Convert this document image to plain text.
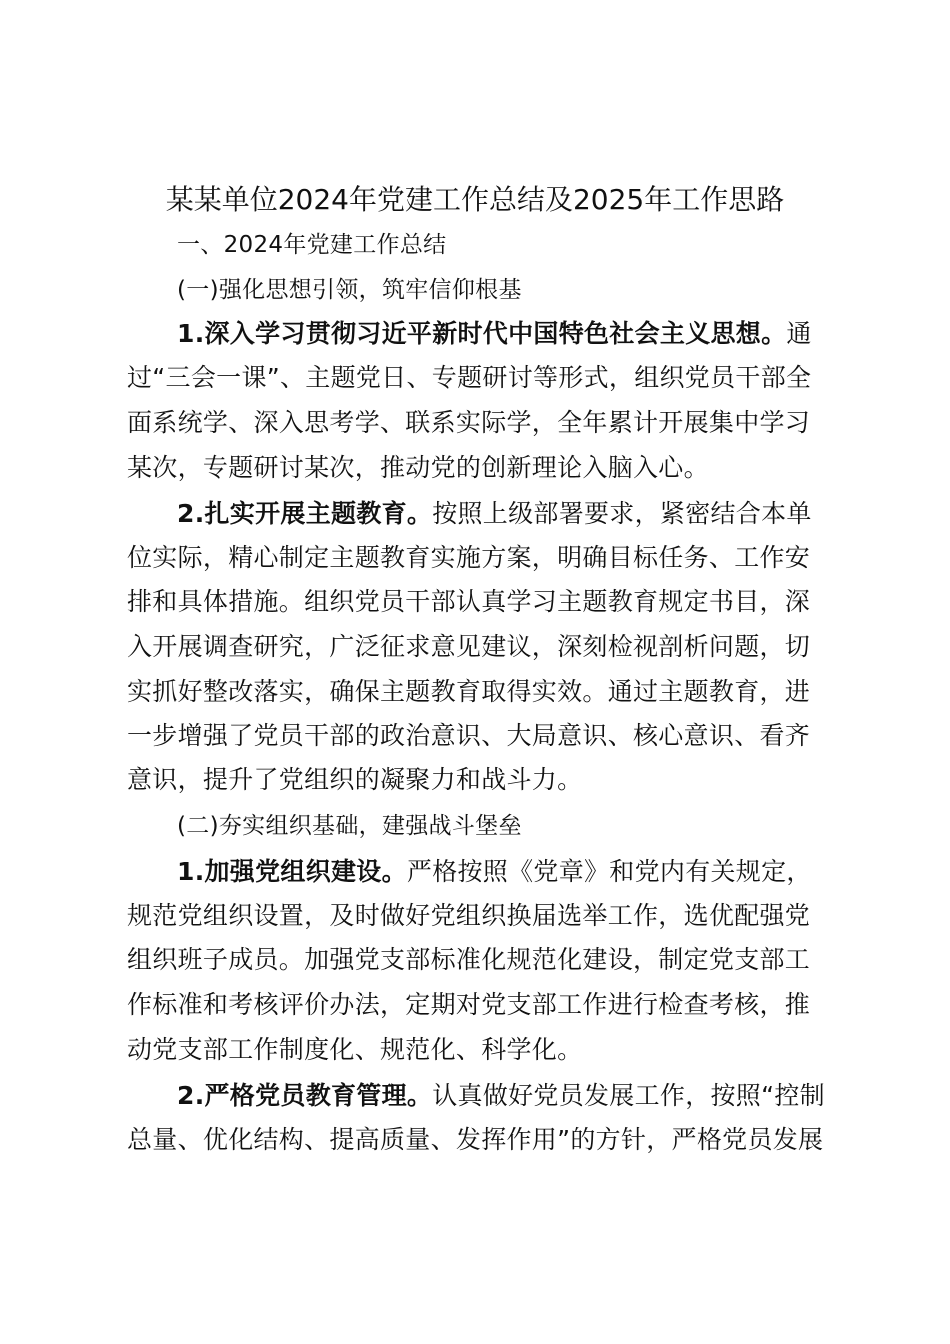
某某单位2024年党建工作总结及2025年工作思路
一、2024年党建工作总结
(一)强化思想引领，筑牢信仰根基
1.深入学习贯彻习近平新时代中国特色社会主义思想。通
过“三会一课”、主题党日、专题研讨等形式，组织党员干部全
面系统学、深入思考学、联系实际学，全年累计开展集中学习
某次，专题研讨某次，推动党的创新理论入脑入心。
2.扎实开展主题教育。按照上级部署要求，紧密结合本单
位实际，精心制定主题教育实施方案，明确目标任务、工作安
排和具体措施。组织党员干部认真学习主题教育规定书目，深
入开展调查研究，广泛征求意见建议，深刻检视剖析问题，切
实抓好整改落实，确保主题教育取得实效。通过主题教育，进
一步增强了党员干部的政治意识、大局意识、核心意识、看齐
意识，提升了党组织的凝聚力和战斗力。
(二)夯实组织基础，建强战斗堡垒
1.加强党组织建设。严格按照《党章》和党内有关规定，
规范党组织设置，及时做好党组织换届选举工作，选优配强党
组织班子成员。加强党支部标准化规范化建设，制定党支部工
作标准和考核评价办法，定期对党支部工作进行检查考核，推
动党支部工作制度化、规范化、科学化。
2.严格党员教育管理。认真做好党员发展工作，按照“控制
总量、优化结构、提高质量、发挥作用”的方针，严格党员发展
